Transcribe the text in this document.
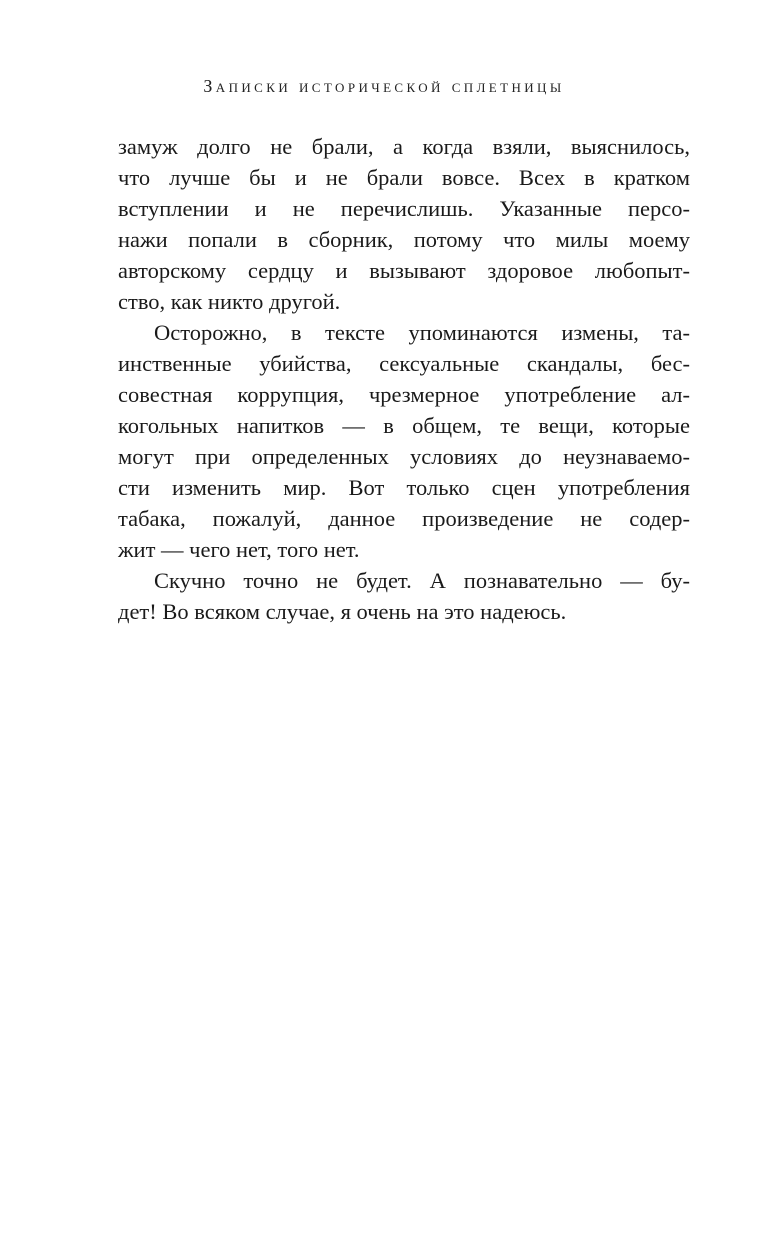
Записки исторической сплетницы
замуж долго не брали, а когда взяли, выяснилось,
что лучше бы и не брали вовсе. Всех в кратком
вступлении и не перечислишь. Указанные персо-
нажи попали в сборник, потому что милы моему
авторскому сердцу и вызывают здоровое любопыт-
ство, как никто другой.
Осторожно, в тексте упоминаются измены, та-
инственные убийства, сексуальные скандалы, бес-
совестная коррупция, чрезмерное употребление ал-
когольных напитков — в общем, те вещи, которые
могут при определенных условиях до неузнаваемо-
сти изменить мир. Вот только сцен употребления
табака, пожалуй, данное произведение не содер-
жит — чего нет, того нет.
Скучно точно не будет. А познавательно — бу-
дет! Во всяком случае, я очень на это надеюсь.
